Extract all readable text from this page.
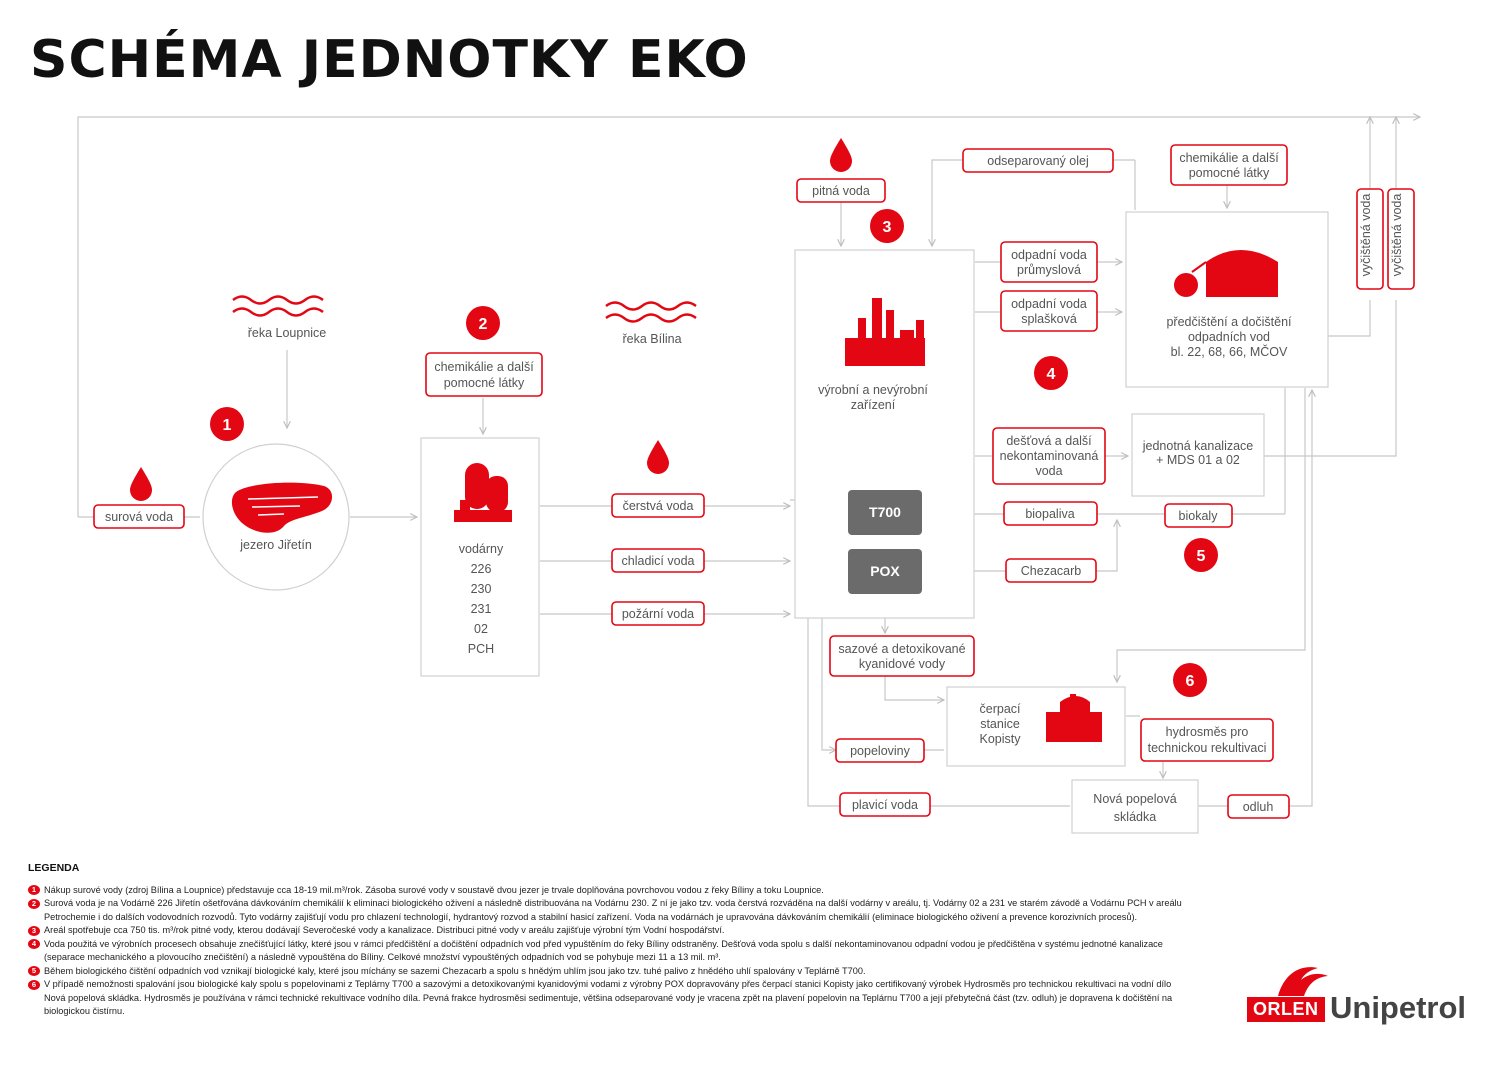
SCHÉMA JEDNOTKY EKO
řeka Loupnice	řeka Bílina
jezero Jiřetín	vodárny
226
230
231
02
PCH
výrobní a nevýrobní
zařízení
T700
POX
předčištění a dočištění
odpadních vod
bl. 22, 68, 66, MČOV
jednotná kanalizace
+ MDS 01 a 02
čerpací
stanice
Kopisty
Nová popelová
skládka
surová voda
chemikálie a další
pomocné látky
čerstvá voda
chladicí voda
požární voda
pitná voda
odseparovaný olej	chemikálie a další
pomocné látky
odpadní voda
průmyslová
odpadní voda
splašková
dešťová a další
nekontaminovaná
voda
biopaliva	biokaly
Chezacarb
sazové a detoxikované
kyanidové vody
popeloviny
hydrosměs pro
technickou rekultivaci
plavicí voda	odluh
vyčištěná voda vyčištěná voda
1
2
3
4
5
6
LEGENDA
1 Nákup surové vody (zdroj Bílina a Loupnice) představuje cca 18-19 mil.m³/rok. Zásoba surové vody v soustavě dvou jezer je trvale doplňována povrchovou vodou z řeky Bíliny a toku Loupnice.
2 Surová voda je na Vodárně 226 Jiřetín ošetřována dávkováním chemikálií k eliminaci biologického oživení a následně distribuována na Vodárnu 230. Z ní je jako tzv. voda čerstvá rozváděna na další vodárny v areálu, tj. Vodárny 02 a 231 ve starém závodě a Vodárnu PCH v areálu Petrochemie i do dalších vodovodních rozvodů. Tyto vodárny zajišťují vodu pro chlazení technologií, hydrantový rozvod a stabilní hasicí zařízení. Voda na vodárnách je upravována dávkováním chemikálií (eliminace biologického oživení a prevence korozivních procesů).
3 Areál spotřebuje cca 750 tis. m³/rok pitné vody, kterou dodávají Severočeské vody a kanalizace. Distribuci pitné vody v areálu zajišťuje výrobní tým Vodní hospodářství.
4 Voda použitá ve výrobních procesech obsahuje znečišťující látky, které jsou v rámci předčištění a dočištění odpadních vod před vypuštěním do řeky Bíliny odstraněny. Dešťová voda spolu s další nekontaminovanou odpadní vodou je předčištěna v systému jednotné kanalizace (separace mechanického a plovoucího znečištění) a následně vypouštěna do Bíliny. Celkové množství vypouštěných odpadních vod se pohybuje mezi 11 a 13 mil. m³.
5 Během biologického čištění odpadních vod vznikají biologické kaly, které jsou míchány se sazemi Chezacarb a spolu s hnědým uhlím jsou jako tzv. tuhé palivo z hnědého uhlí spalovány v Teplárně T700.
6 V případě nemožnosti spalování jsou biologické kaly spolu s popelovinami z Teplárny T700 a sazovými a detoxikovanými kyanidovými vodami z výrobny POX dopravovány přes čerpací stanici Kopisty jako certifikovaný výrobek Hydrosměs pro technickou rekultivaci na vodní dílo Nová popelová skládka. Hydrosměs je používána v rámci technické rekultivace vodního díla. Pevná frakce hydrosměsi sedimentuje, většina odseparované vody je vracena zpět na plavení popelovin na Teplárnu T700 a její přebytečná část (tzv. odluh) je dopravena k dočištění na biologickou čistírnu.	ORLEN Unipetrol
